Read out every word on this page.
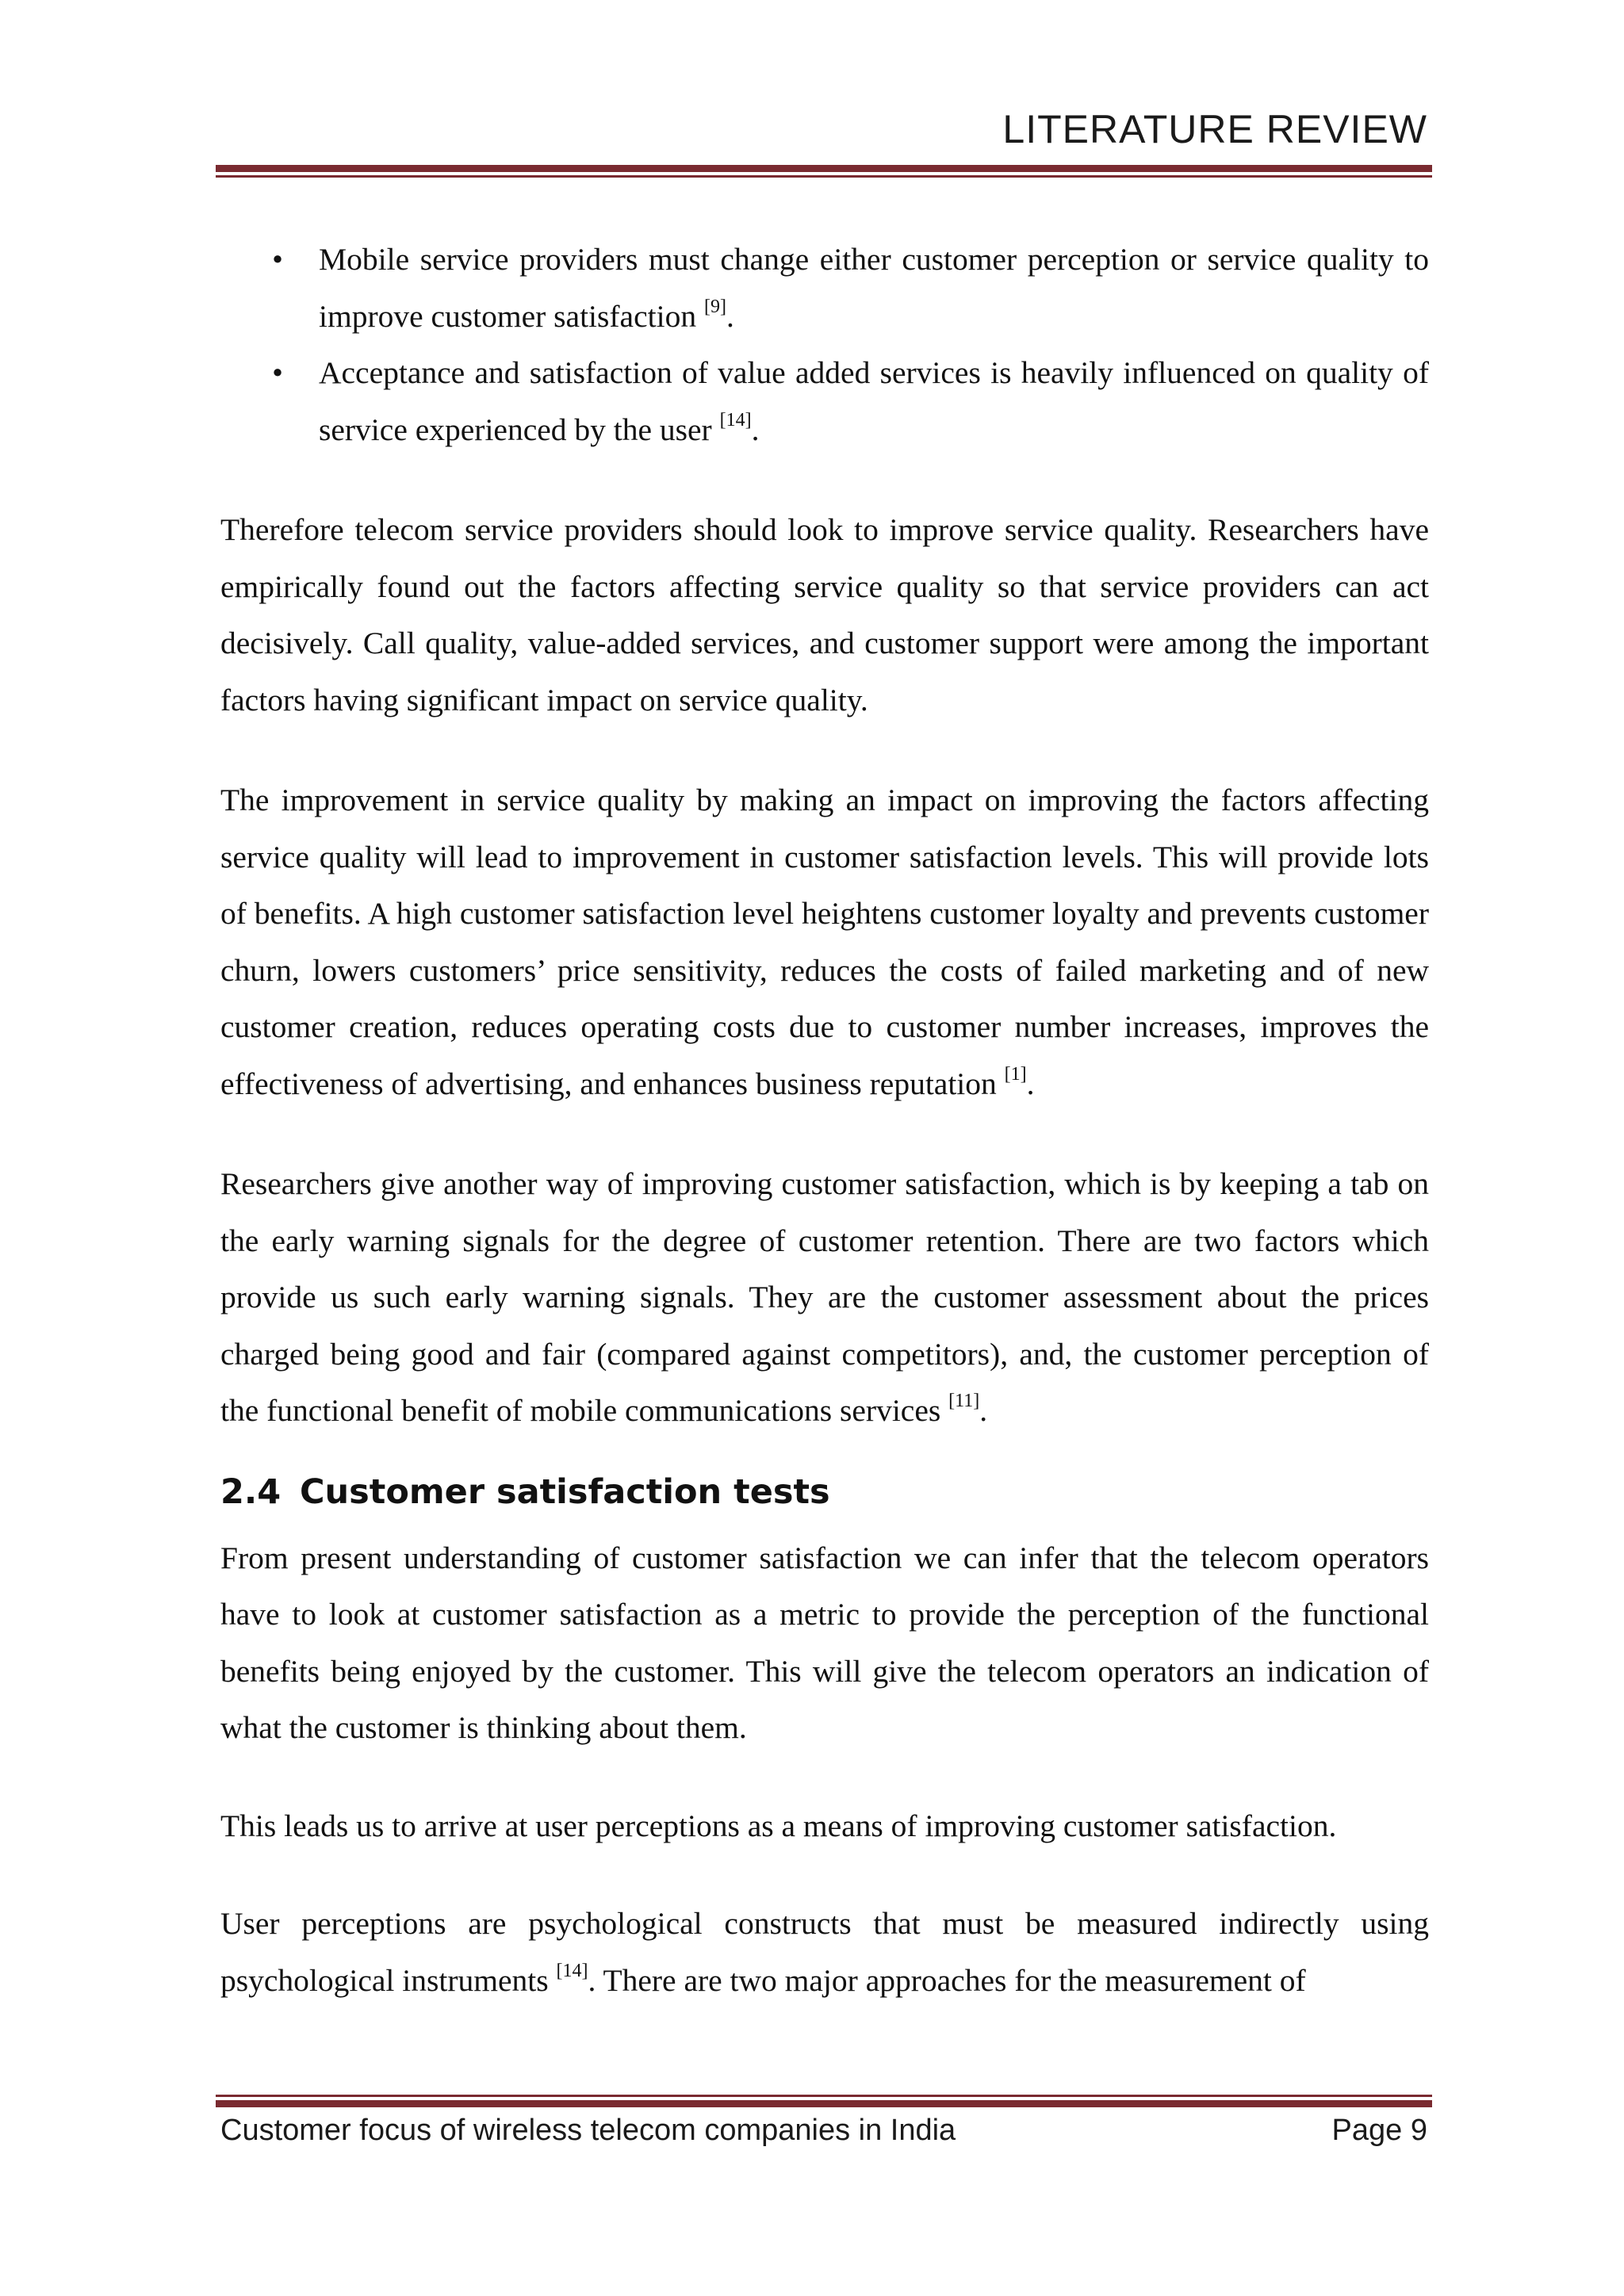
LITERATURE REVIEW
• Mobile service providers must change either customer perception or service quality to improve customer satisfaction [9].
• Acceptance and satisfaction of value added services is heavily influenced on quality of service experienced by the user [14].

Therefore telecom service providers should look to improve service quality. Researchers have empirically found out the factors affecting service quality so that service providers can act decisively. Call quality, value-added services, and customer support were among the important factors having significant impact on service quality.

The improvement in service quality by making an impact on improving the factors affecting service quality will lead to improvement in customer satisfaction levels. This will provide lots of benefits. A high customer satisfaction level heightens customer loyalty and prevents customer churn, lowers customers’ price sensitivity, reduces the costs of failed marketing and of new customer creation, reduces operating costs due to customer number increases, improves the effectiveness of advertising, and enhances business reputation [1].

Researchers give another way of improving customer satisfaction, which is by keeping a tab on the early warning signals for the degree of customer retention. There are two factors which provide us such early warning signals. They are the customer assessment about the prices charged being good and fair (compared against competitors), and, the customer perception of the functional benefit of mobile communications services [11].

2.4 Customer satisfaction tests

From present understanding of customer satisfaction we can infer that the telecom operators have to look at customer satisfaction as a metric to provide the perception of the functional benefits being enjoyed by the customer. This will give the telecom operators an indication of what the customer is thinking about them.

This leads us to arrive at user perceptions as a means of improving customer satisfaction.

User perceptions are psychological constructs that must be measured indirectly using psychological instruments [14]. There are two major approaches for the measurement of

Customer focus of wireless telecom companies in India	Page 9
